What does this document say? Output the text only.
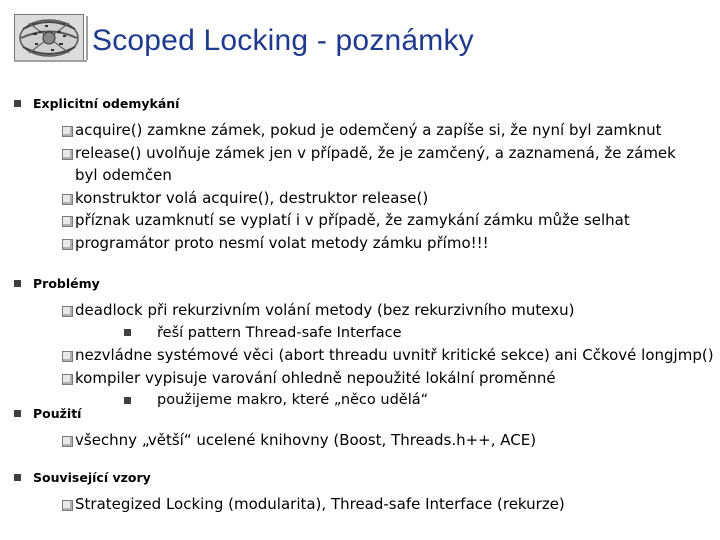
Scoped Locking - poznámky
Explicitní odemykání
acquire() zamkne zámek, pokud je odemčený a zapíše si, že nyní byl zamknut
release() uvolňuje zámek jen v případě, že je zamčený, a zaznamená, že zámek byl odemčen
konstruktor volá acquire(), destruktor release()
příznak uzamknutí se vyplatí i v případě, že zamykání zámku může selhat
programátor proto nesmí volat metody zámku přímo!!!
Problémy
deadlock při rekurzivním volání metody (bez rekurzivního mutexu)
řeší pattern Thread-safe Interface
nezvládne systémové věci (abort threadu uvnitř kritické sekce) ani Cčkové longjmp()
kompiler vypisuje varování ohledně nepoužité lokální proměnné
použijeme makro, které „něco udělá“
Použití
všechny „větší“ ucelené knihovny (Boost, Threads.h++, ACE)
Související vzory
Strategized Locking (modularita), Thread-safe Interface (rekurze)
